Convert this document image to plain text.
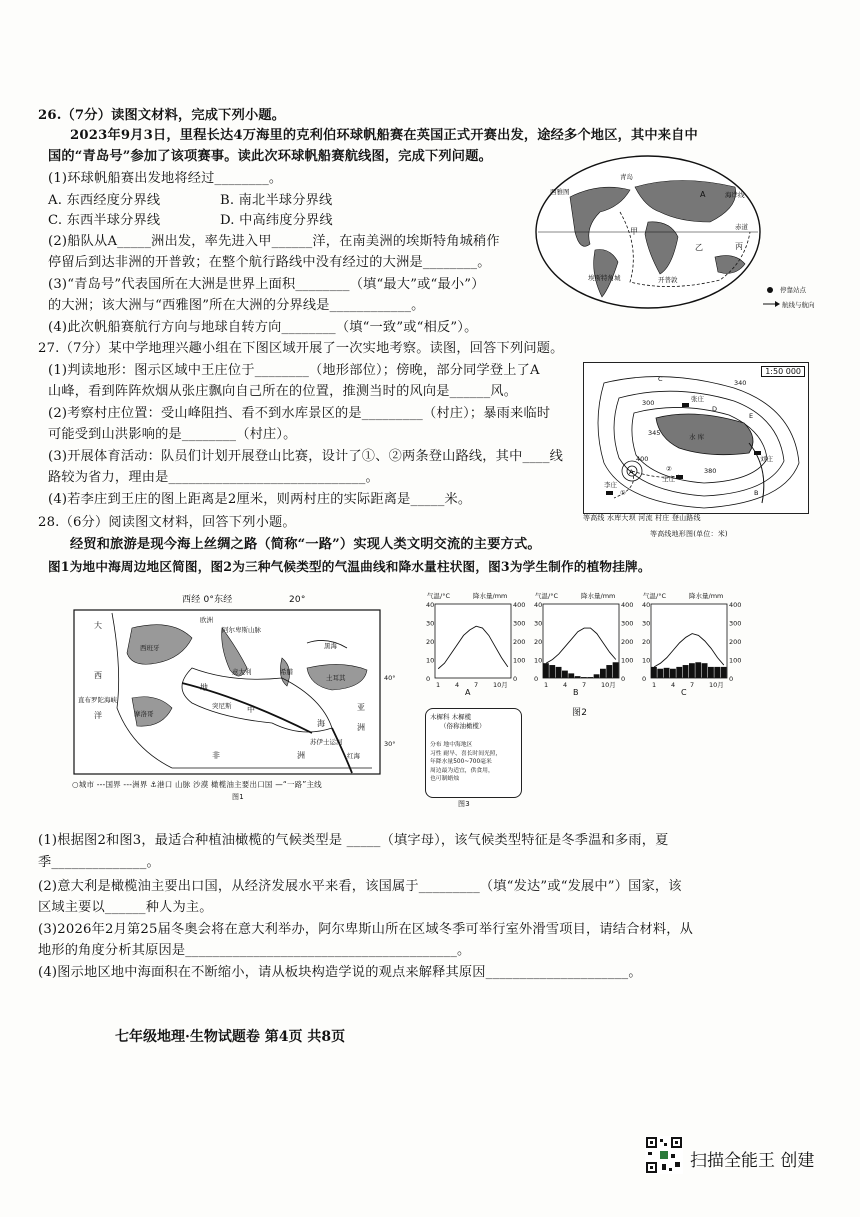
26.（7分）读图文材料，完成下列小题。
2023年9月3日，里程长达4万海里的克利伯环球帆船赛在英国正式开赛出发，途经多个地区，其中来自中
国的“青岛号”参加了该项赛事。读此次环球帆船赛航线图，完成下列问题。
(1)环球帆船赛出发地将经过________。
A. 东西经度分界线	B. 南北半球分界线
C. 东西半球分界线	D. 中高纬度分界线
(2)船队从A_____洲出发，率先进入甲______洋，在南美洲的埃斯特角城稍作
停留后到达非洲的开普敦；在整个航行路线中没有经过的大洲是________。
(3)“青岛号”代表国所在大洲是世界上面积________（填“最大”或“最小”）
的大洲；该大洲与“西雅图”所在大洲的分界线是____________。
(4)此次帆船赛航行方向与地球自转方向________（填“一致”或“相反”）。
青岛
西雅图
赤道
甲
乙	丙
A
埃斯特角城	开普敦
海岸线
停靠站点
航线与航向
27.（7分）某中学地理兴趣小组在下图区域开展了一次实地考察。读图，回答下列问题。
(1)判读地形：图示区域中王庄位于________（地形部位）；傍晚，部分同学登上了A
山峰，看到阵阵炊烟从张庄飘向自己所在的位置，推测当时的风向是______风。
(2)考察村庄位置：受山峰阻挡、看不到水库景区的是_________（村庄）；暴雨来临时
可能受到山洪影响的是________（村庄）。
(3)开展体育活动：队员们计划开展登山比赛，设计了①、②两条登山路线，其中____线
路较为省力，理由是_____________________________。
(4)若李庄到王庄的图上距离是2厘米，则两村庄的实际距离是_____米。
1:50 000
水 库
张庄
王庄
李庄
刘庄
A
C
D
E
B
340
300
345
380
400
①
②
等高线 水库大坝 河流 村庄 登山路线
等高线地形图(单位：米)
28.（6分）阅读图文材料，回答下列小题。
经贸和旅游是现今海上丝绸之路（简称“一路”）实现人类文明交流的主要方式。
图1为地中海周边地区简图，图2为三种气候类型的气温曲线和降水量柱状图，图3为学生制作的植物挂牌。
西经 0°东经	20°
大
西
洋
欧洲
阿尔卑斯山脉
西班牙
直布罗陀海峡
摩洛哥
地
中
海
非	洲
意大利
突尼斯
希腊
黑海
土耳其
亚
洲
苏伊士运河
红海
40°
30°
○城市 ---国界 ---洲界 ⚓港口 山脉 沙漠 橄榄油主要出口国 —“一路”主线
图1
气温/°C	降水量/mm
40	400
30	300
20	200
10	100
0	0
1 4 7 10月
A
气温/°C	降水量/mm
40	400
30	300
20	200
10	100
0	0
1 4 7 10月
B
气温/°C	降水量/mm
40	400
30	300
20	200
10	100
0	0
1 4 7 10月
C
图2
木樨科 木樨榄
（俗称油橄榄）
分布 地中海地区
习性 耐旱、喜长时间光照，
年降水量500~700毫米
周边最为适宜，供食用，
也可制蜡烛
图3
(1)根据图2和图3，最适合种植油橄榄的气候类型是 _____（填字母），该气候类型特征是冬季温和多雨，夏
季______________。
(2)意大利是橄榄油主要出口国，从经济发展水平来看，该国属于_________（填“发达”或“发展中”）国家，该
区域主要以______种人为主。
(3)2026年2月第25届冬奥会将在意大利举办，阿尔卑斯山所在区域冬季可举行室外滑雪项目，请结合材料，从
地形的角度分析其原因是________________________________________。
(4)图示地区地中海面积在不断缩小，请从板块构造学说的观点来解释其原因_____________________。
七年级地理·生物试题卷 第4页 共8页
扫描全能王 创建
